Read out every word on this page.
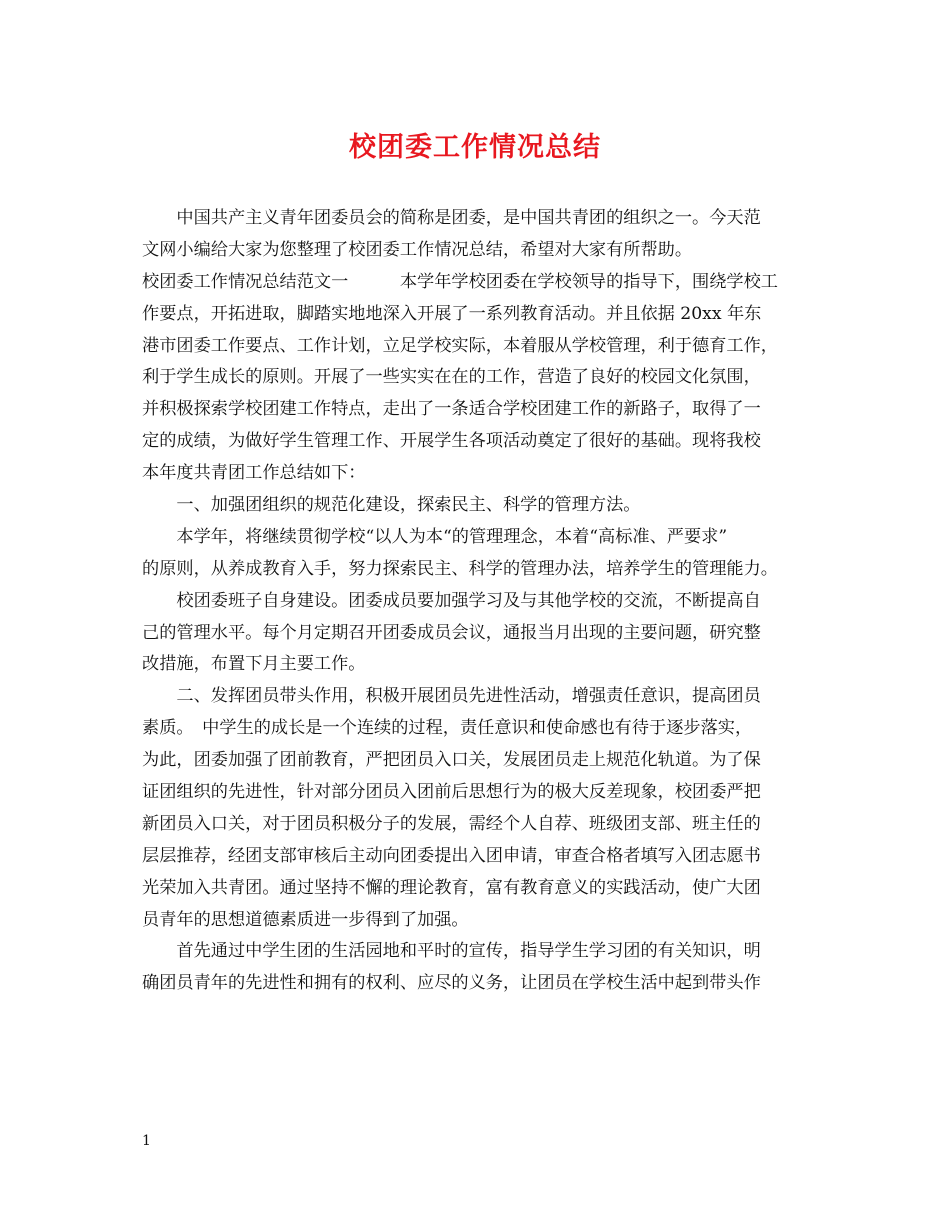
校团委工作情况总结
　　中国共产主义青年团委员会的简称是团委，是中国共青团的组织之一。今天范
文网小编给大家为您整理了校团委工作情况总结，希望对大家有所帮助。
校团委工作情况总结范文一　　　本学年学校团委在学校领导的指导下，围绕学校工
作要点，开拓进取，脚踏实地地深入开展了一系列教育活动。并且依据 20xx 年东
港市团委工作要点、工作计划，立足学校实际，本着服从学校管理，利于德育工作，
利于学生成长的原则。开展了一些实实在在的工作，营造了良好的校园文化氛围，
并积极探索学校团建工作特点，走出了一条适合学校团建工作的新路子，取得了一
定的成绩，为做好学生管理工作、开展学生各项活动奠定了很好的基础。现将我校
本年度共青团工作总结如下：
　　一、加强团组织的规范化建设，探索民主、科学的管理方法。
　　本学年，将继续贯彻学校“以人为本“的管理理念，本着“高标准、严要求”
的原则，从养成教育入手，努力探索民主、科学的管理办法，培养学生的管理能力。
　　校团委班子自身建设。团委成员要加强学习及与其他学校的交流，不断提高自
己的管理水平。每个月定期召开团委成员会议，通报当月出现的主要问题，研究整
改措施，布置下月主要工作。
　　二、发挥团员带头作用，积极开展团员先进性活动，增强责任意识，提高团员
素质。　中学生的成长是一个连续的过程，责任意识和使命感也有待于逐步落实，
为此，团委加强了团前教育，严把团员入口关，发展团员走上规范化轨道。为了保
证团组织的先进性，针对部分团员入团前后思想行为的极大反差现象，校团委严把
新团员入口关，对于团员积极分子的发展，需经个人自荐、班级团支部、班主任的
层层推荐，经团支部审核后主动向团委提出入团申请，审查合格者填写入团志愿书
光荣加入共青团。通过坚持不懈的理论教育，富有教育意义的实践活动，使广大团
员青年的思想道德素质进一步得到了加强。
　　首先通过中学生团的生活园地和平时的宣传，指导学生学习团的有关知识，明
确团员青年的先进性和拥有的权利、应尽的义务，让团员在学校生活中起到带头作
1
